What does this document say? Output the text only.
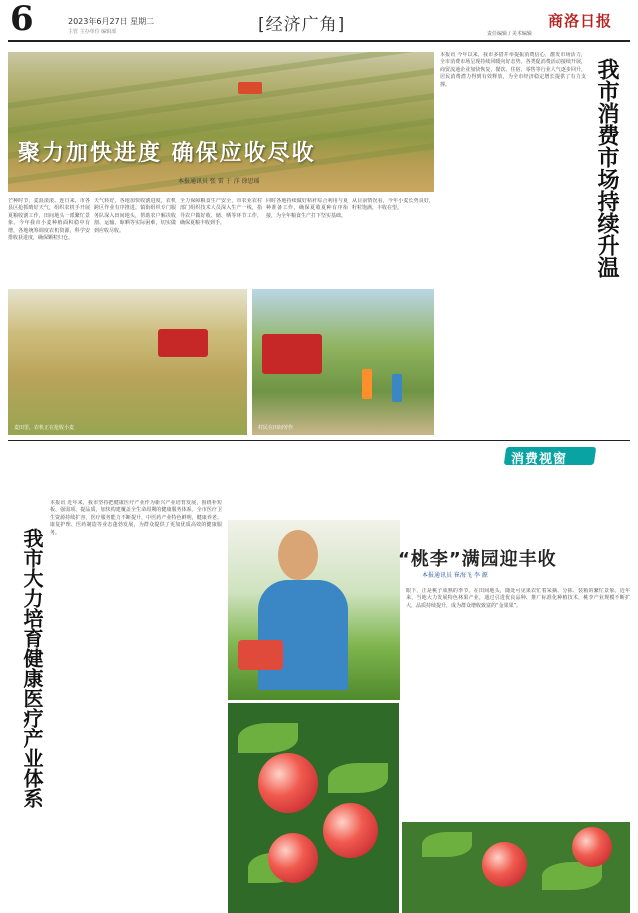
6	2023年6月27日 星期二
主管 主办单位 编辑部	[经济广角]	商洛日报
责任编辑 / 美术编辑
聚力加快进度 确保应收尽收
本报通讯员 张 雷 于 洋 徐思瑶
芒种时节，麦浪滚滚。连日来，市各县区抢抓晴好天气，组织农机手开展夏粮收割工作，田间地头一派繁忙景象。今年我市小麦种植面积稳中有增，各地统筹调度农机资源，科学安排收获进度，确保颗粒归仓。
天气转好，各地加快收割进度，农机跨区作业有序推进。镇街组织专门服务队深入田间地头，帮助农户解决收割、运输、晾晒等实际困难，切实做到应收尽收。
全力保障粮食生产安全，市农业农村部门组织技术人员深入生产一线，指导农户做好收、储、晒等环节工作，确保夏粮丰收到手。
同时各地持续做好秸秆综合利用与夏种准备工作，确保夏收夏种有序衔接，为全年粮食生产打下坚实基础。
从目前情况看，今年小麦长势良好，籽粒饱满，丰收在望。
本报讯 今年以来，我市多措并举提振消费信心，激发市场活力，全市消费市场呈现持续回暖向好态势。各类促消费活动接续开展，商贸流通企业加快恢复，餐饮、住宿、零售等行业人气逐步回升，居民消费潜力得到有效释放，为全市经济稳定增长提供了有力支撑。	我市消费市场持续升温
麦田里，农机正在抢收小麦	村民在田间劳作
消费视窗
我市大力培育健康医疗产业体系
本报讯 近年来，我市坚持把健康医疗产业作为新兴产业培育发展，围绕补短板、强弱项、提品质，加快构建覆盖全生命周期的健康服务体系。全市医疗卫生资源持续扩容，医疗服务能力不断提升，中医药产业特色鲜明，健康养老、康复护理、医药制造等业态蓬勃发展，为群众提供了更加优质高效的健康服务。
“桃李”满园迎丰收
本报通讯员 崔海飞 李 源
眼下，正是桃子成熟的季节。在田间地头，随处可见果农忙着采摘、分拣、装箱的繁忙景象。近年来，当地大力发展特色林果产业，通过引进优良品种、推广标准化种植技术，桃李产业规模不断扩大，品质持续提升，成为群众增收致富的“金果果”。
